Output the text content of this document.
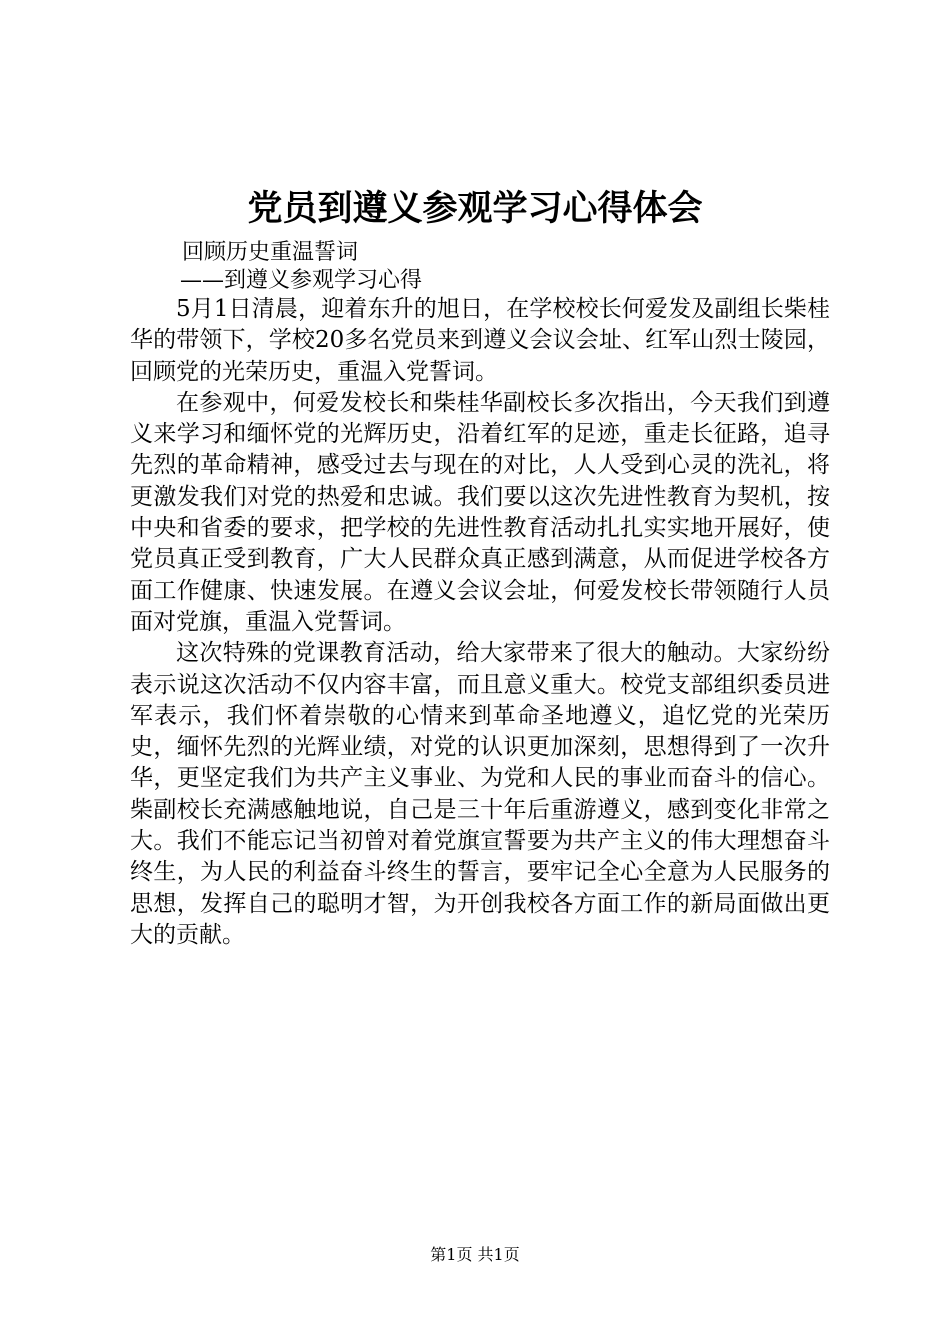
党员到遵义参观学习心得体会
回顾历史重温誓词
——到遵义参观学习心得

5月1日清晨，迎着东升的旭日，在学校校长何爱发及副组长柴桂华的带领下，学校20多名党员来到遵义会议会址、红军山烈士陵园，回顾党的光荣历史，重温入党誓词。

在参观中，何爱发校长和柴桂华副校长多次指出，今天我们到遵义来学习和缅怀党的光辉历史，沿着红军的足迹，重走长征路，追寻先烈的革命精神，感受过去与现在的对比，人人受到心灵的洗礼，将更激发我们对党的热爱和忠诚。我们要以这次先进性教育为契机，按中央和省委的要求，把学校的先进性教育活动扎扎实实地开展好，使党员真正受到教育，广大人民群众真正感到满意，从而促进学校各方面工作健康、快速发展。在遵义会议会址，何爱发校长带领随行人员面对党旗，重温入党誓词。

这次特殊的党课教育活动，给大家带来了很大的触动。大家纷纷表示说这次活动不仅内容丰富，而且意义重大。校党支部组织委员进军表示，我们怀着崇敬的心情来到革命圣地遵义，追忆党的光荣历史，缅怀先烈的光辉业绩，对党的认识更加深刻，思想得到了一次升华，更坚定我们为共产主义事业、为党和人民的事业而奋斗的信心。柴副校长充满感触地说，自己是三十年后重游遵义，感到变化非常之大。我们不能忘记当初曾对着党旗宣誓要为共产主义的伟大理想奋斗终生，为人民的利益奋斗终生的誓言，要牢记全心全意为人民服务的思想，发挥自己的聪明才智，为开创我校各方面工作的新局面做出更大的贡献。

第1页 共1页
